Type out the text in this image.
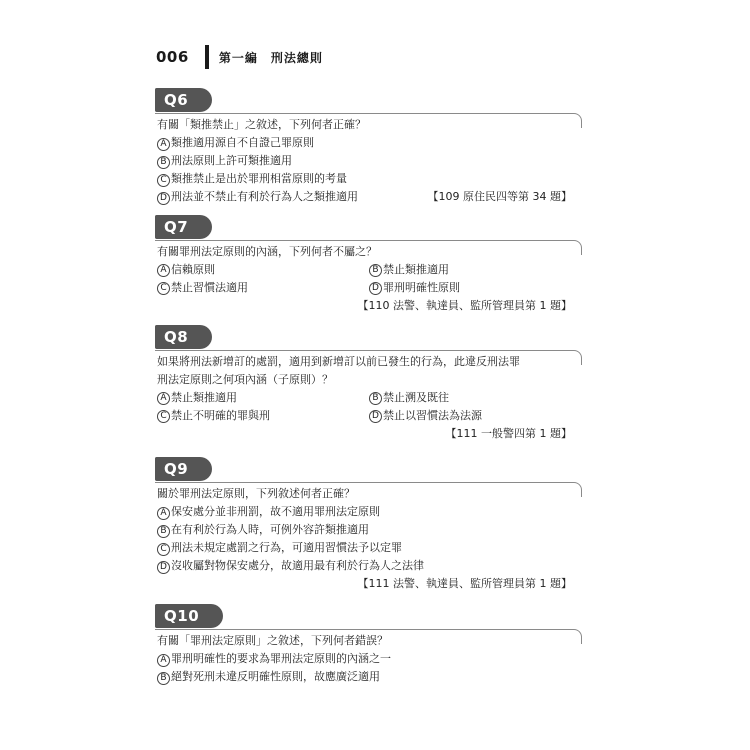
006	第一編　刑法總則
Q6
有關「類推禁止」之敘述，下列何者正確？
A 類推適用源自不自證己罪原則
B 刑法原則上許可類推適用
C 類推禁止是出於罪刑相當原則的考量
D 刑法並不禁止有利於行為人之類推適用	【109 原住民四等第 34 題】
Q7
有關罪刑法定原則的內涵，下列何者不屬之？
A 信賴原則	B 禁止類推適用
C 禁止習慣法適用	D 罪刑明確性原則
【110 法警、執達員、監所管理員第 1 題】
Q8
如果將刑法新增訂的處罰，適用到新增訂以前已發生的行為，此違反刑法罪
刑法定原則之何項內涵（子原則）？
A 禁止類推適用	B 禁止溯及既往
C 禁止不明確的罪與刑	D 禁止以習慣法為法源
【111 一般警四第 1 題】
Q9
關於罪刑法定原則，下列敘述何者正確？
A 保安處分並非刑罰，故不適用罪刑法定原則
B 在有利於行為人時，可例外容許類推適用
C 刑法未規定處罰之行為，可適用習慣法予以定罪
D 沒收屬對物保安處分，故適用最有利於行為人之法律
【111 法警、執達員、監所管理員第 1 題】
Q10
有關「罪刑法定原則」之敘述，下列何者錯誤？
A 罪刑明確性的要求為罪刑法定原則的內涵之一
B 絕對死刑未違反明確性原則，故應廣泛適用
